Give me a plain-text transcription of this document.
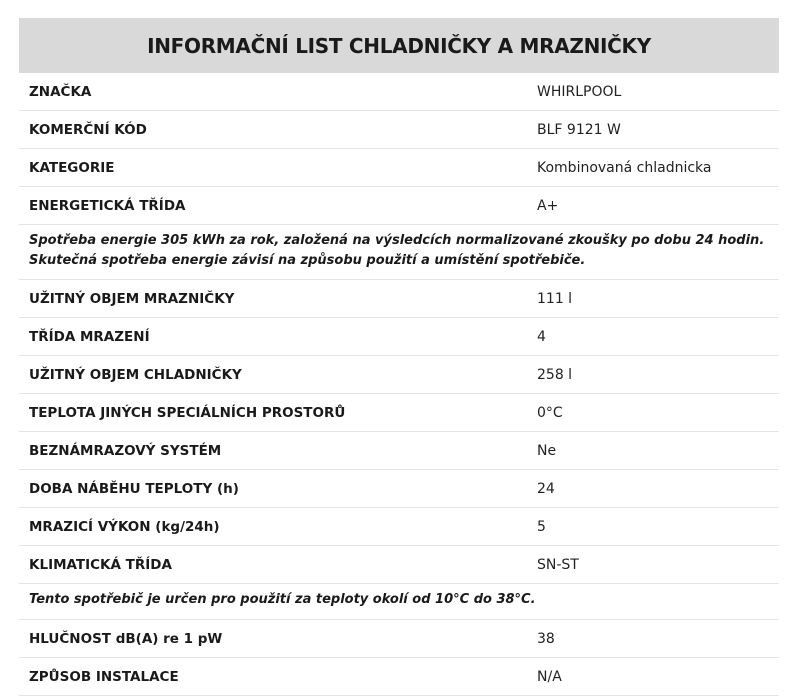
INFORMAČNÍ LIST CHLADNIČKY A MRAZNIČKY
ZNAČKA	WHIRLPOOL
KOMERČNÍ KÓD	BLF 9121 W
KATEGORIE	Kombinovaná chladnicka
ENERGETICKÁ TŘÍDA	A+
Spotřeba energie 305 kWh za rok, založená na výsledcích normalizované zkoušky po dobu 24 hodin.
Skutečná spotřeba energie závisí na způsobu použití a umístění spotřebiče.
UŽITNÝ OBJEM MRAZNIČKY	111 l
TŘÍDA MRAZENÍ	4
UŽITNÝ OBJEM CHLADNIČKY	258 l
TEPLOTA JINÝCH SPECIÁLNÍCH PROSTORŮ	0°C
BEZNÁMRAZOVÝ SYSTÉM	Ne
DOBA NÁBĚHU TEPLOTY (h)	24
MRAZICÍ VÝKON (kg/24h)	5
KLIMATICKÁ TŘÍDA	SN-ST
Tento spotřebič je určen pro použití za teploty okolí od 10°C do 38°C.
HLUČNOST dB(A) re 1 pW	38
ZPŮSOB INSTALACE	N/A
